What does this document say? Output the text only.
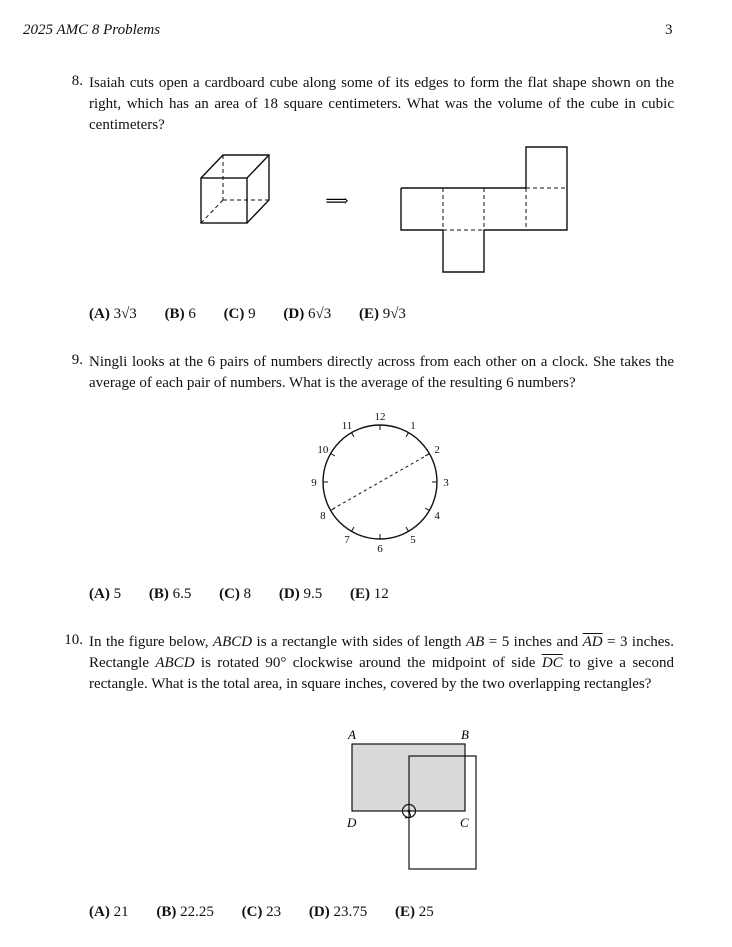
2025 AMC 8 Problems	3
8. Isaiah cuts open a cardboard cube along some of its edges to form the flat shape shown on the right, which has an area of 18 square centimeters. What was the volume of the cube in cubic centimeters?
⟹
(A) 3√3 (B) 6 (C) 9 (D) 6√3 (E) 9√3
9. Ningli looks at the 6 pairs of numbers directly across from each other on a clock. She takes the average of each pair of numbers. What is the average of the resulting 6 numbers?
12
1
2
3
4
5
6
7
8
9
10
11
(A) 5 (B) 6.5 (C) 8 (D) 9.5 (E) 12
10. In the figure below, ABCD is a rectangle with sides of length AB = 5 inches and $\overline{AD} = 3$ inches. Rectangle ABCD is rotated 90° clockwise around the midpoint of side $\overline{DC}$ to give a second rectangle. What is the total area, in square inches, covered by the two overlapping rectangles?
A	B
D	C
(A) 21 (B) 22.25 (C) 23 (D) 23.75 (E) 25
